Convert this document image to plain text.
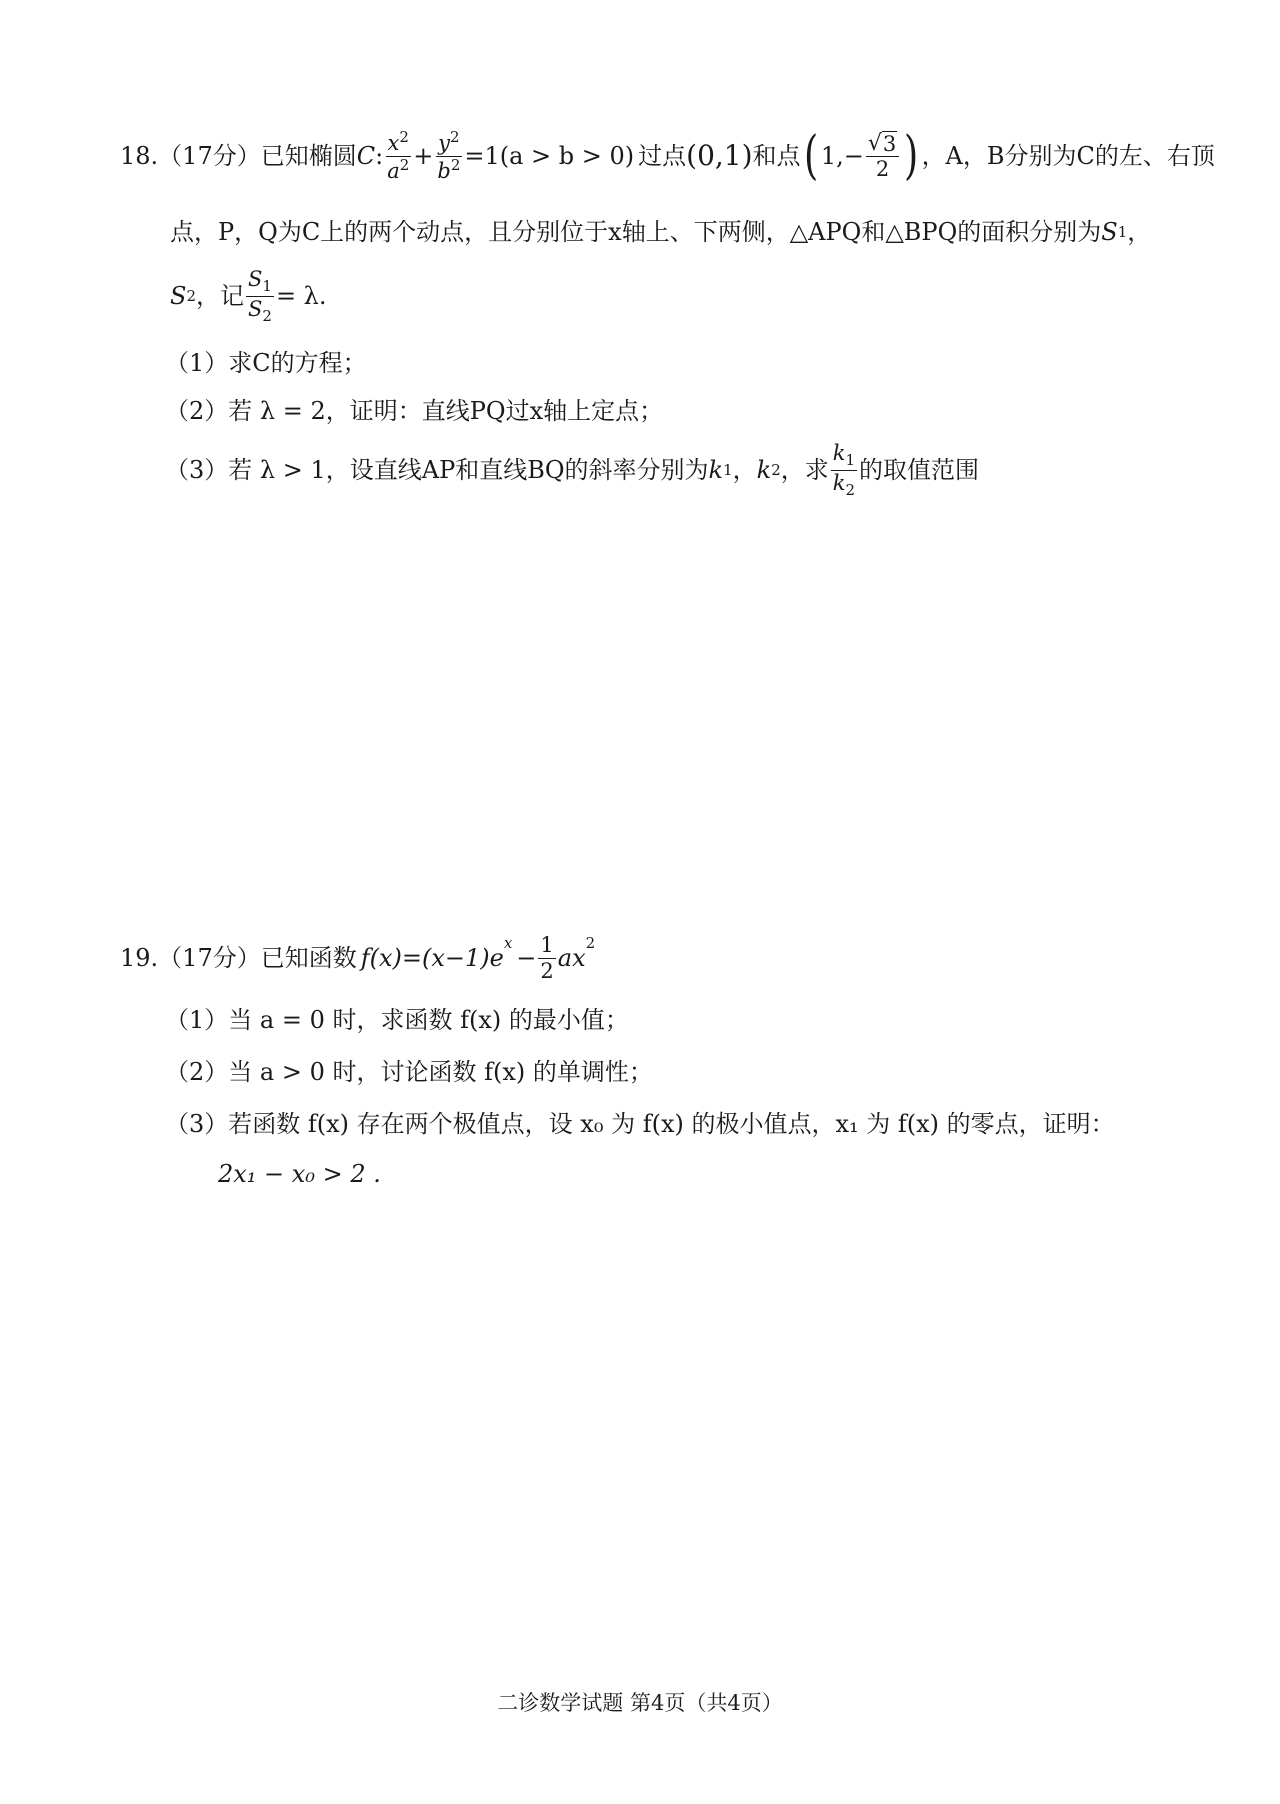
18. （17分） 已知椭圆 C : $\frac{x^2}{a^2} + \frac{y^2}{b^2} =1(a > b > 0)$ 过点 (0,1) 和点 ( $1,- \frac{√ 3}{2}$ ) ，A，B分别为C的左、右顶
点，P，Q为C上的两个动点，且分别位于x轴上、下两侧，△APQ和△BPQ的面积分别为 S 1 ，
S 2 ， 记 $\frac{S_1}{S_2} = \lambda$.
（1）求C的方程；
（2）若 λ = 2，证明：直线PQ过x轴上定点；
（3）若 λ > 1，设直线AP和直线BQ的斜率分别为 k 1 ， k 2 ，求 $\frac{k_1}{k_2}$ 的取值范围
19. （17分） 已知函数 f(x)=(x−1)e
$^x$
− $\frac{1}{2}$ ax
$^2$
（1）当 a = 0 时，求函数 f(x) 的最小值；
（2）当 a > 0 时，讨论函数 f(x) 的单调性；
（3）若函数 f(x) 存在两个极值点，设 x₀ 为 f(x) 的极小值点，x₁ 为 f(x) 的零点，证明：
2x₁ − x₀ > 2 .
二诊数学试题 第4页（共4页）
